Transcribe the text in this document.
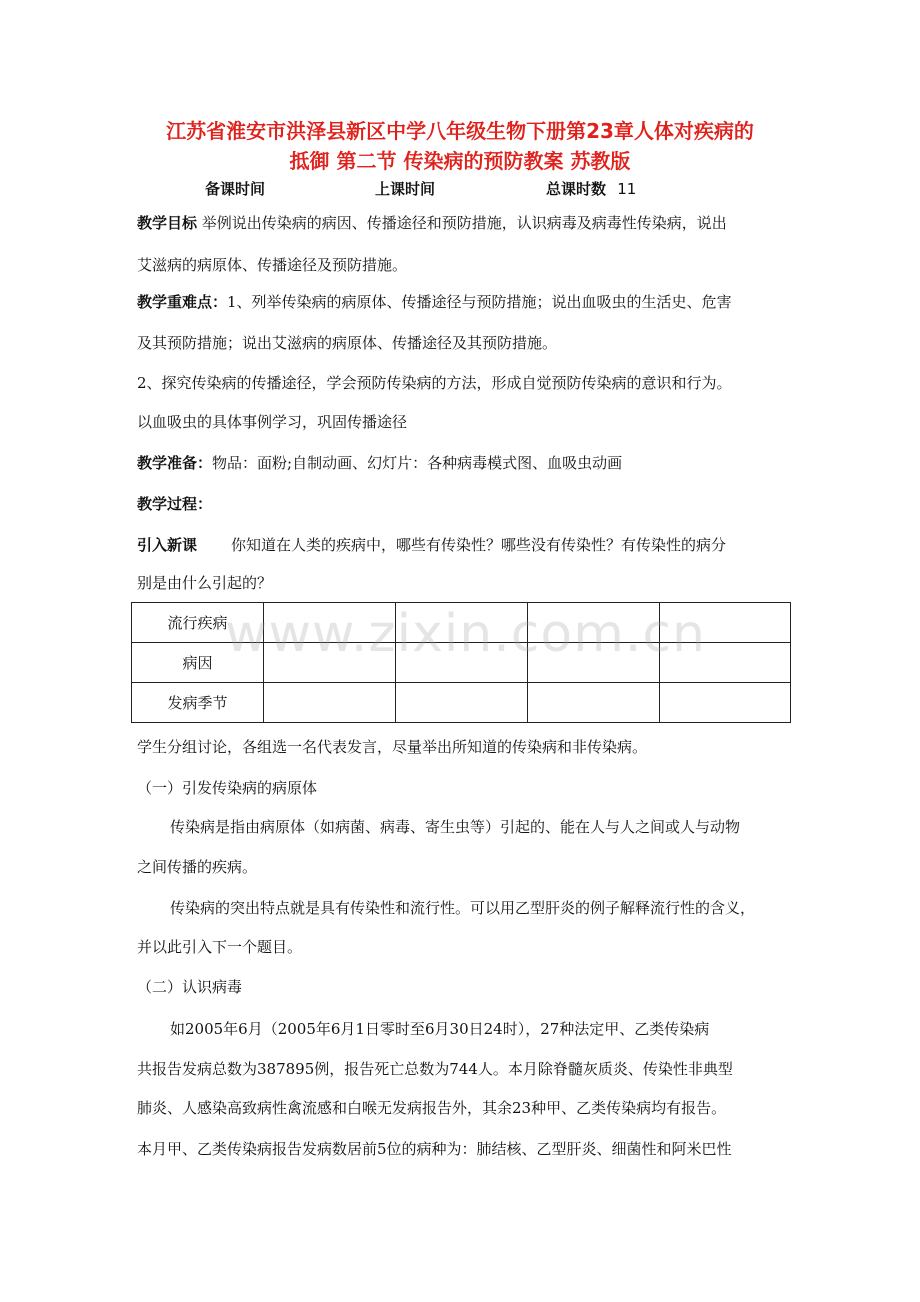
江苏省淮安市洪泽县新区中学八年级生物下册第23章人体对疾病的
抵御 第二节 传染病的预防教案 苏教版
备课时间	上课时间	总课时数 11
教学目标 举例说出传染病的病因、传播途径和预防措施，认识病毒及病毒性传染病，说出
艾滋病的病原体、传播途径及预防措施。
教学重难点：1、列举传染病的病原体、传播途径与预防措施；说出血吸虫的生活史、危害
及其预防措施；说出艾滋病的病原体、传播途径及其预防措施。
2、探究传染病的传播途径，学会预防传染病的方法，形成自觉预防传染病的意识和行为。
以血吸虫的具体事例学习，巩固传播途径
教学准备：物品：面粉;自制动画、幻灯片：各种病毒模式图、血吸虫动画
教学过程：
引入新课 你知道在人类的疾病中，哪些有传染性？哪些没有传染性？有传染性的病分
别是由什么引起的？
流行疾病				
病因				
发病季节				
www.zixin.com.cn
学生分组讨论，各组选一名代表发言，尽量举出所知道的传染病和非传染病。
（一）引发传染病的病原体
传染病是指由病原体（如病菌、病毒、寄生虫等）引起的、能在人与人之间或人与动物
之间传播的疾病。
传染病的突出特点就是具有传染性和流行性。可以用乙型肝炎的例子解释流行性的含义，
并以此引入下一个题目。
（二）认识病毒
如2005年6月（2005年6月1日零时至6月30日24时），27种法定甲、乙类传染病
共报告发病总数为387895例，报告死亡总数为744人。本月除脊髓灰质炎、传染性非典型
肺炎、人感染高致病性禽流感和白喉无发病报告外，其余23种甲、乙类传染病均有报告。
本月甲、乙类传染病报告发病数居前5位的病种为：肺结核、乙型肝炎、细菌性和阿米巴性
